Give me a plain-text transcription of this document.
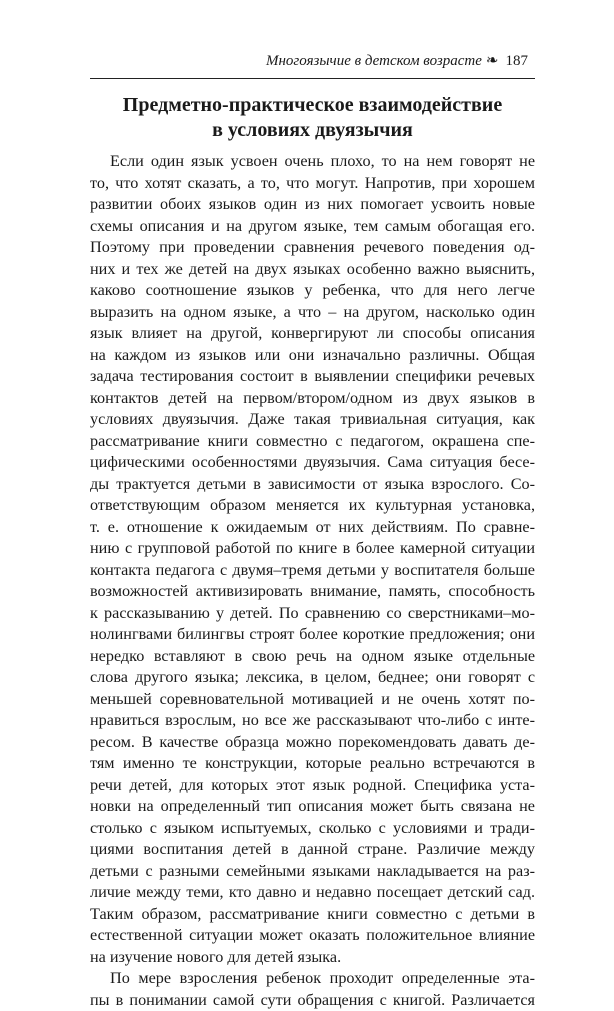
Многоязычие в детском возрасте ❧ 187
Предметно-практическое взаимодействие
в условиях двуязычия
Если один язык усвоен очень плохо, то на нем говорят не
то, что хотят сказать, а то, что могут. Напротив, при хорошем
развитии обоих языков один из них помогает усвоить новые
схемы описания и на другом языке, тем самым обогащая его.
Поэтому при проведении сравнения речевого поведения од-
них и тех же детей на двух языках особенно важно выяснить,
каково соотношение языков у ребенка, что для него легче
выразить на одном языке, а что – на другом, насколько один
язык влияет на другой, конвергируют ли способы описания
на каждом из языков или они изначально различны. Общая
задача тестирования состоит в выявлении специфики речевых
контактов детей на первом/втором/одном из двух языков в
условиях двуязычия. Даже такая тривиальная ситуация, как
рассматривание книги совместно с педагогом, окрашена спе-
цифическими особенностями двуязычия. Сама ситуация бесе-
ды трактуется детьми в зависимости от языка взрослого. Со-
ответствующим образом меняется их культурная установка,
т. е. отношение к ожидаемым от них действиям. По сравне-
нию с групповой работой по книге в более камерной ситуации
контакта педагога с двумя–тремя детьми у воспитателя больше
возможностей активизировать внимание, память, способность
к рассказыванию у детей. По сравнению со сверстниками–мо-
нолингвами билингвы строят более короткие предложения; они
нередко вставляют в свою речь на одном языке отдельные
слова другого языка; лексика, в целом, беднее; они говорят с
меньшей соревновательной мотивацией и не очень хотят по-
нравиться взрослым, но все же рассказывают что-либо с инте-
ресом. В качестве образца можно порекомендовать давать де-
тям именно те конструкции, которые реально встречаются в
речи детей, для которых этот язык родной. Специфика уста-
новки на определенный тип описания может быть связана не
столько с языком испытуемых, сколько с условиями и тради-
циями воспитания детей в данной стране. Различие между
детьми с разными семейными языками накладывается на раз-
личие между теми, кто давно и недавно посещает детский сад.
Таким образом, рассматривание книги совместно с детьми в
естественной ситуации может оказать положительное влияние
на изучение нового для детей языка.
По мере взросления ребенок проходит определенные эта-
пы в понимании самой сути обращения с книгой. Различается
